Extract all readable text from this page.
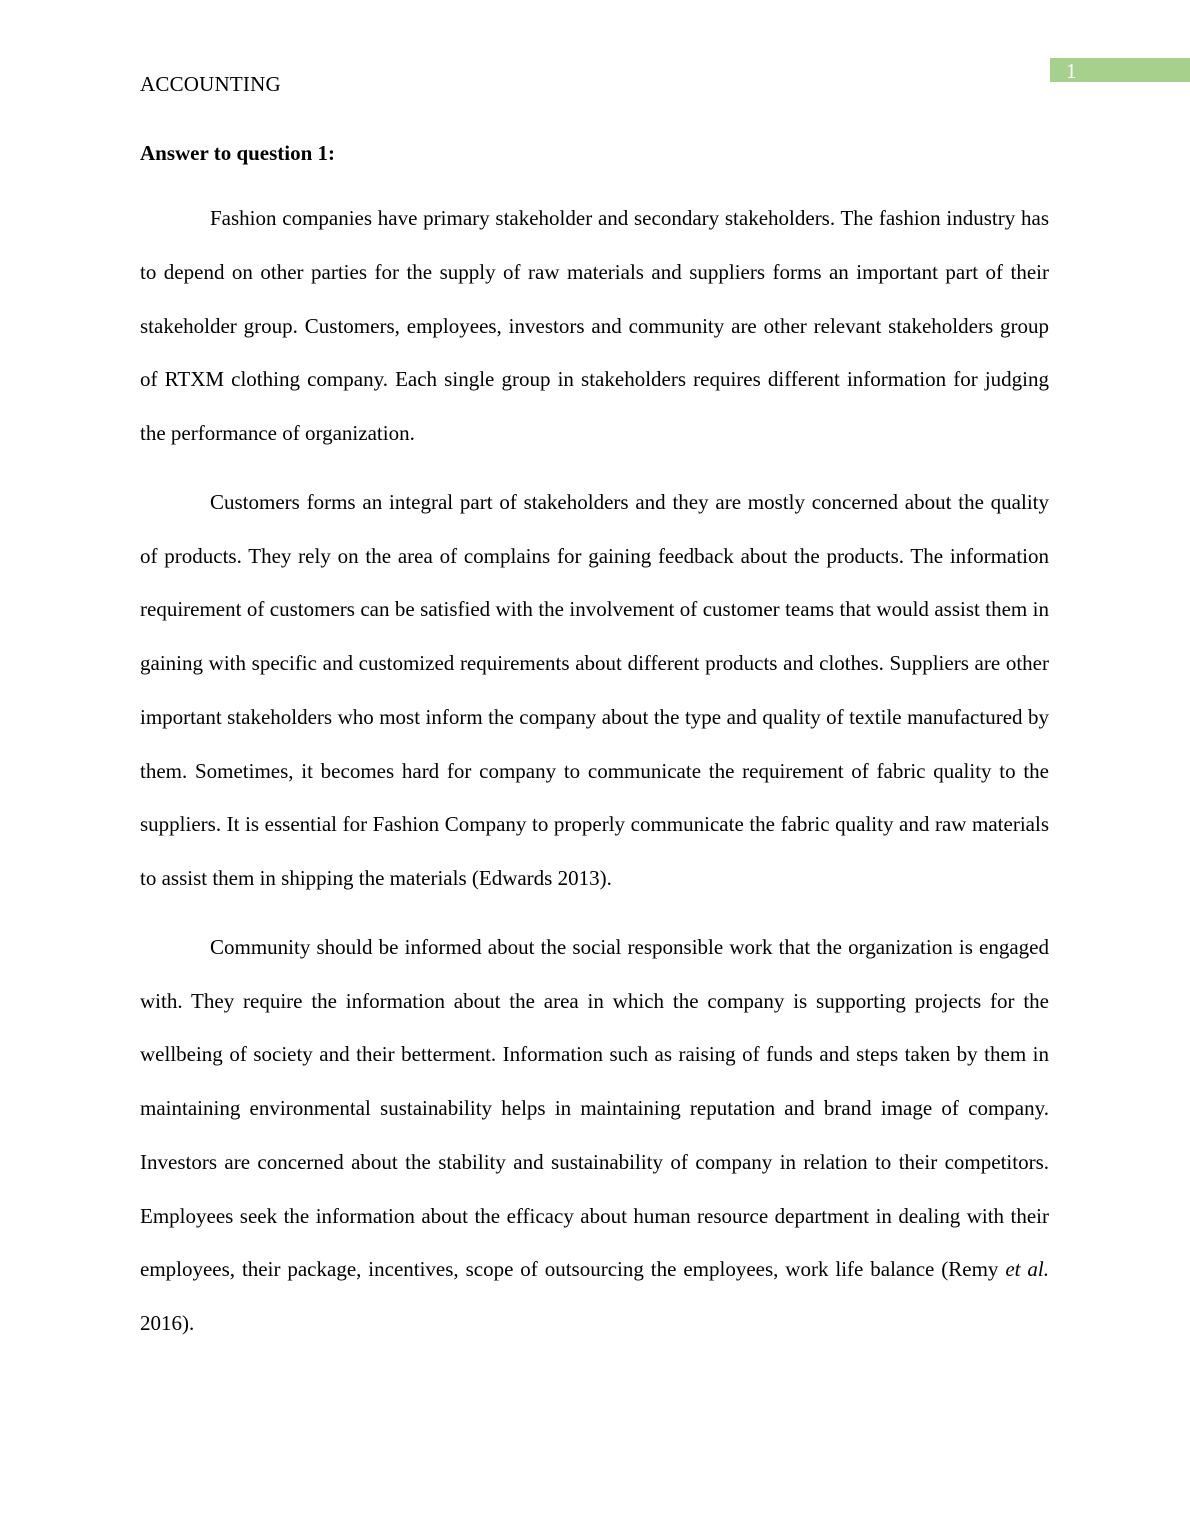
1
ACCOUNTING
Answer to question 1:

Fashion companies have primary stakeholder and secondary stakeholders. The fashion industry has to depend on other parties for the supply of raw materials and suppliers forms an important part of their stakeholder group. Customers, employees, investors and community are other relevant stakeholders group of RTXM clothing company. Each single group in stakeholders requires different information for judging the performance of organization.

Customers forms an integral part of stakeholders and they are mostly concerned about the quality of products. They rely on the area of complains for gaining feedback about the products. The information requirement of customers can be satisfied with the involvement of customer teams that would assist them in gaining with specific and customized requirements about different products and clothes. Suppliers are other important stakeholders who most inform the company about the type and quality of textile manufactured by them. Sometimes, it becomes hard for company to communicate the requirement of fabric quality to the suppliers. It is essential for Fashion Company to properly communicate the fabric quality and raw materials to assist them in shipping the materials (Edwards 2013).

Community should be informed about the social responsible work that the organization is engaged with. They require the information about the area in which the company is supporting projects for the wellbeing of society and their betterment. Information such as raising of funds and steps taken by them in maintaining environmental sustainability helps in maintaining reputation and brand image of company. Investors are concerned about the stability and sustainability of company in relation to their competitors. Employees seek the information about the efficacy about human resource department in dealing with their employees, their package, incentives, scope of outsourcing the employees, work life balance (Remy et al. 2016).
